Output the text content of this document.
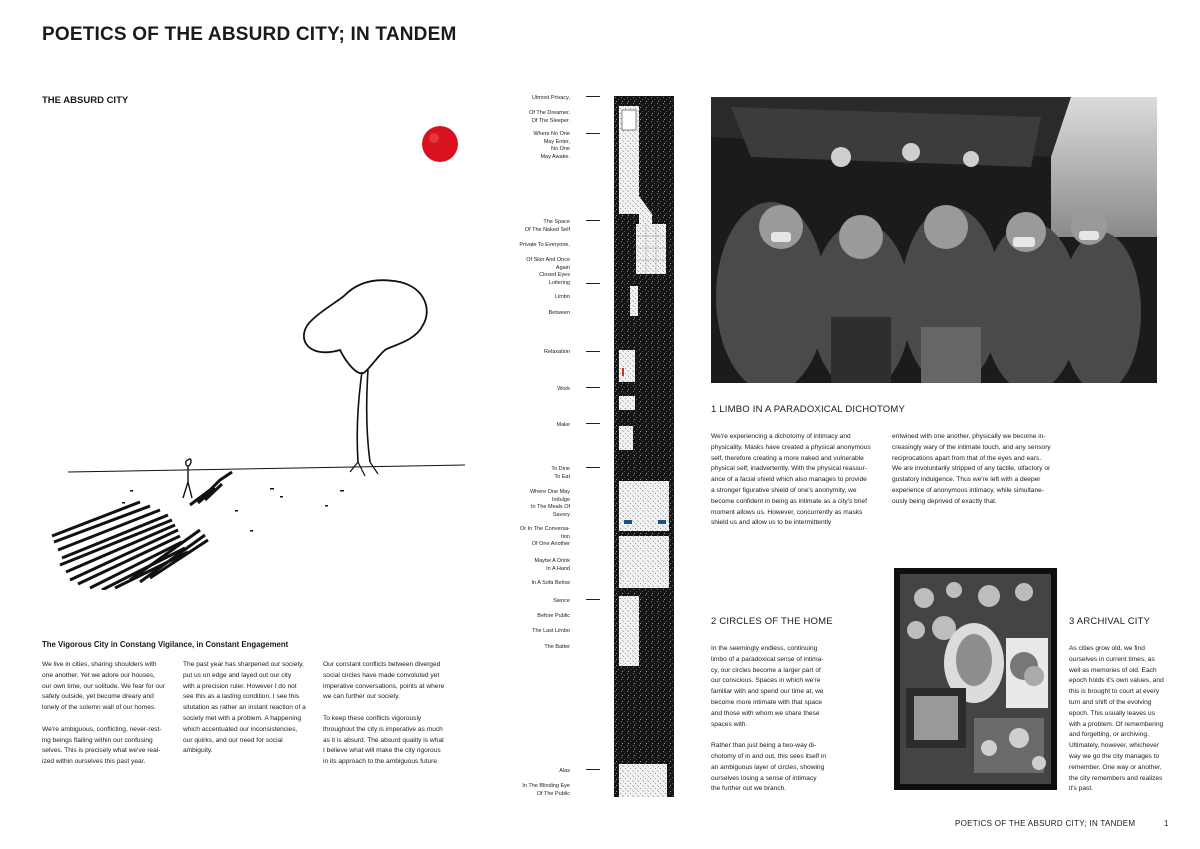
POETICS OF THE ABSURD CITY; IN TANDEM
THE ABSURD CITY
The Vigorous City in Constang Vigilance, in Constant Engagement
We live in cities, sharing shoulders with
one another. Yet we adore our houses,
our own time, our solitude. We fear for our
safety outside, yet become dreary and
lonely of the solemn wall of our homes.

We're ambiguous, conflicting, never-rest-
ing beings flailing within our confusing
selves. This is precisely what we've real-
ized within ourselves this past year.
The past year has sharpened our society,
put us on edge and layed out our city
with a precision ruler. However I do not
see this as a lasting condition. I see this
situtation as rather an instant reaction of a
society met with a problem. A happening
which accentuated our inconsistencies,
our quirks, and our need for social
ambiguity.
Our constant conflicts between diverged
social circles have made convoluted yet
imperative conversations, points at where
we can further our society.

To keep these conflicts vigorously
throughout the city is imperative as much
as it is absurd. The absurd quality is what
I believe what will make the city rigorous
in its approach to the ambiguous future.
Utmost Privacy,
Of The Dreamer,
Of The Sleeper.
Where No One
May Enter,
No One
May Awake.
The Space
Of The Naked Self
Private To Everyone,
Of Skin And Once
Again
Closed Eyes
Loitering
Limbo
Between
Relaxation
Work
Make
To Dine
To Eat
Where One May
Indulge
In The Meals Of
Savory
Or In The Conversa-
tion
Of One Another
Maybe A Drink
In A Hand
In A Sofa Below
Sience
Before Public
The Last Limbo
The Batter
Alas
In The Blinding Eye
Of The Public
1 LIMBO IN A PARADOXICAL DICHOTOMY
We're experiencing a dichotomy of intimacy and
physicality. Masks have created a physical anonymous
self, therefore creating a more naked and vulnerable
physical self; inadvertently. With the physical reassur-
ance of a facial shield which also manages to provide
a stronger figurative shield of one's anonymity, we
become confident in being as intimate as a city's brief
moment allows us. However, concurrently as masks
shield us and allow us to be intermittently
entwined with one another, physically we become in-
creasingly wary of the intimate touch, and any sensory
reciprocations apart from that of the eyes and ears.
We are involuntarily stripped of any tactile, olfactory or
gustatory indulgence. Thus we're left with a deeper
experience of anonymous intimacy, while simultane-
ously being deprived of exactly that.
2 CIRCLES OF THE HOME
In the seemingly endless, continuing
limbo of a paradoxical sense of intima-
cy, our circles become a larger part of
our conscious. Spaces in which we're
familiar with and spend our time at, we
become more intimate with that space
and those with whom we share these
spaces with.

Rather than just being a two-way di-
chotomy of in and out, this sees itself in
an ambiguous layer of circles, showing
ourselves losing a sense of intimacy
the further out we branch.
3 ARCHIVAL CITY
As cities grow old, we find
ourselves in current times, as
well as memories of old. Each
epoch holds it's own values, and
this is brought to court at every
turn and shift of the evolving
epoch. This usually leaves us
with a problem. Of remembering
and forgetting, or archiving.
Ultimately, however, whichever
way we go the city manages to
remember. One way or another,
the city remembers and realizes
it's past.
POETICS OF THE ABSURD CITY; IN TANDEM	1
